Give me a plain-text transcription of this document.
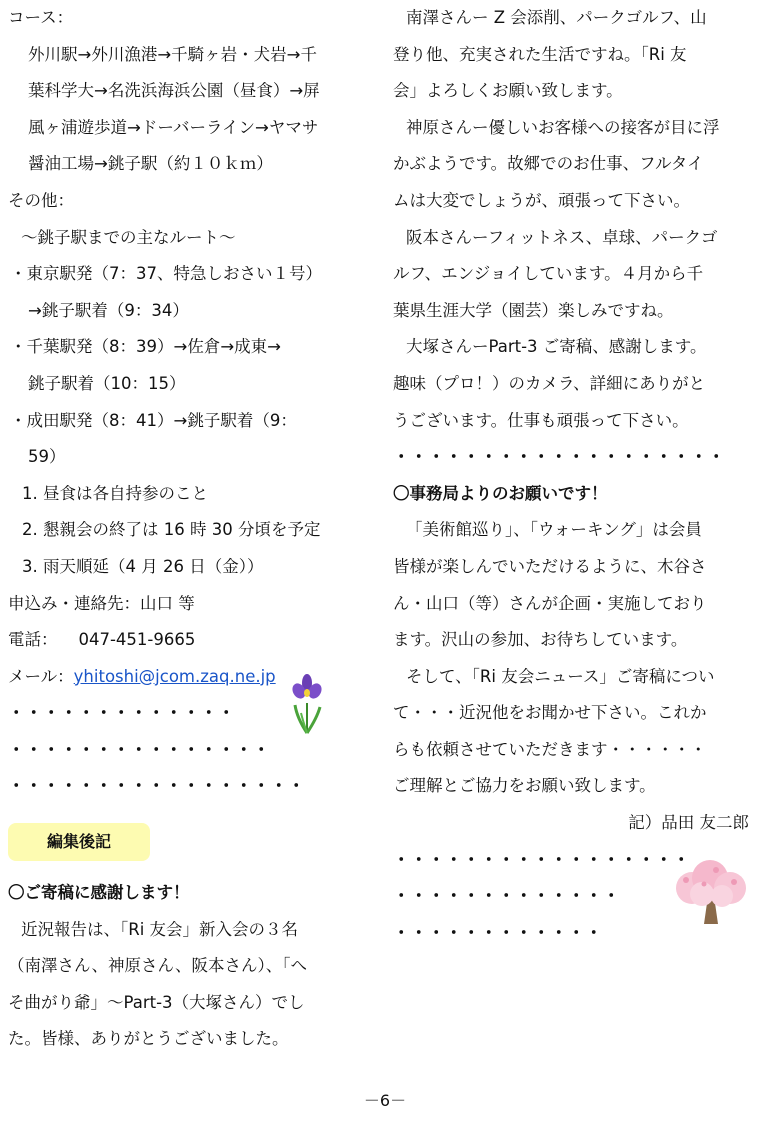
コース：
外川駅→外川漁港→千騎ヶ岩・犬岩→千
葉科学大→名洗浜海浜公園（昼食）→屏
風ヶ浦遊歩道→ドーバーライン→ヤマサ
醤油工場→銚子駅（約１０ｋｍ）
その他：
～銚子駅までの主なルート～
・東京駅発（7：37、特急しおさい１号）
→銚子駅着（9：34）
・千葉駅発（8：39）→佐倉→成東→
銚子駅着（10：15）
・成田駅発（8：41）→銚子駅着（9：
59）
1. 昼食は各自持参のこと
2. 懇親会の終了は 16 時 30 分頃を予定
3. 雨天順延（4 月 26 日（金））
申込み・連絡先：山口 等
電話： 047-451-9665
メール：yhitoshi@jcom.zaq.ne.jp
・・・・・・・・・・・・・
・・・・・・・・・・・・・・・
・・・・・・・・・・・・・・・・・
編集後記
〇ご寄稿に感謝します！
近況報告は、「Ri 友会」新入会の３名
（南澤さん、神原さん、阪本さん）、「へ
そ曲がり爺」～Part-3（大塚さん）でし
た。皆様、ありがとうございました。
南澤さんー Z 会添削、パークゴルフ、山
登り他、充実された生活ですね。「Ri 友
会」よろしくお願い致します。
神原さんー優しいお客様への接客が目に浮
かぶようです。故郷でのお仕事、フルタイ
ムは大変でしょうが、頑張って下さい。
阪本さんーフィットネス、卓球、パークゴ
ルフ、エンジョイしています。４月から千
葉県生涯大学（園芸）楽しみですね。
大塚さんーPart-3 ご寄稿、感謝します。
趣味（プロ！）のカメラ、詳細にありがと
うございます。仕事も頑張って下さい。
・・・・・・・・・・・・・・・・・・・
〇事務局よりのお願いです！
「美術館巡り」、「ウォーキング」は会員
皆様が楽しんでいただけるように、木谷さ
ん・山口（等）さんが企画・実施しており
ます。沢山の参加、お待ちしています。
そして、「Ri 友会ニュース」ご寄稿につい
て・・・近況他をお聞かせ下さい。これか
らも依頼させていただきます・・・・・・
ご理解とご協力をお願い致します。
記）品田 友二郎
・・・・・・・・・・・・・・・・・
・・・・・・・・・・・・・
・・・・・・・・・・・・
－6－
